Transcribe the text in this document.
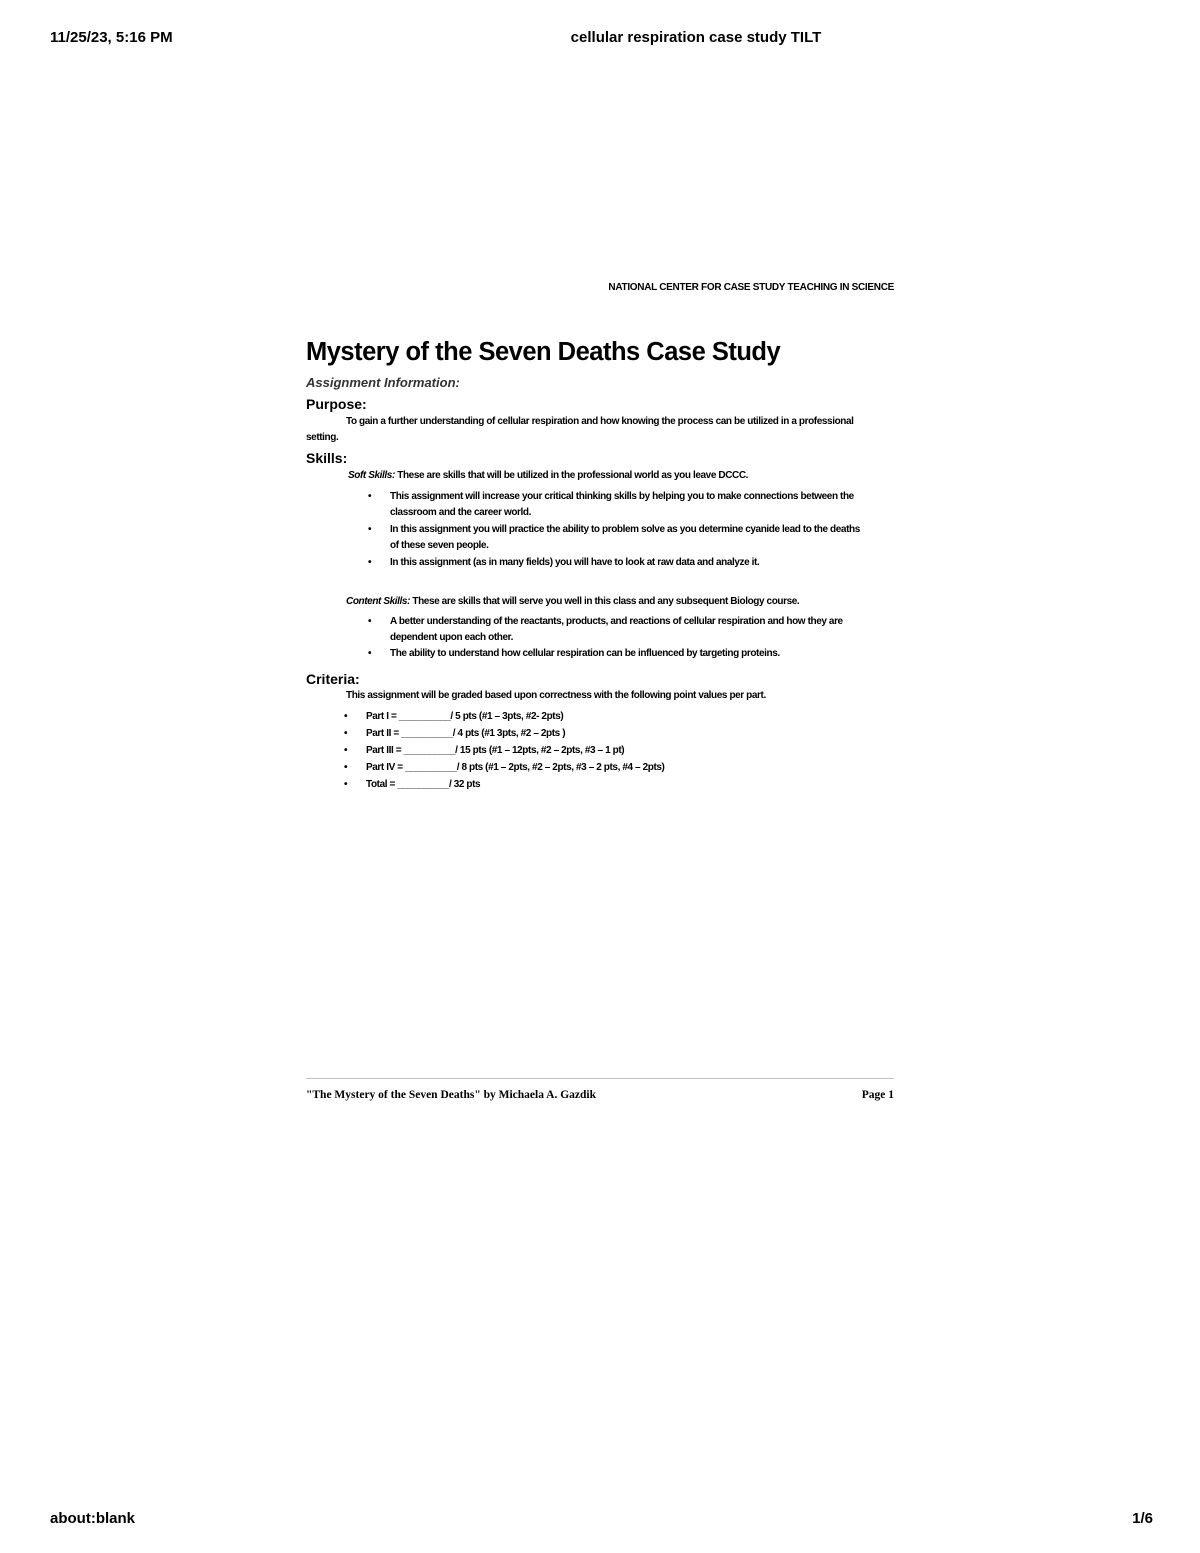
11/25/23, 5:16 PM	cellular respiration case study TILT
NATIONAL CENTER FOR CASE STUDY TEACHING IN SCIENCE
Mystery of the Seven Deaths Case Study
Assignment Information:
Purpose:
To gain a further understanding of cellular respiration and how knowing the process can be utilized in a professional setting.
Skills:
Soft Skills: These are skills that will be utilized in the professional world as you leave DCCC.
Content Skills: These are skills that will serve you well in this class and any subsequent Biology course.
Criteria:
This assignment will be graded based upon correctness with the following point values per part.
• This assignment will increase your critical thinking skills by helping you to make connections between the classroom and the career world.
• In this assignment you will practice the ability to problem solve as you determine cyanide lead to the deaths of these seven people.
• In this assignment (as in many fields) you will have to look at raw data and analyze it.
• A better understanding of the reactants, products, and reactions of cellular respiration and how they are dependent upon each other.
• The ability to understand how cellular respiration can be influenced by targeting proteins.
• Part I = __________/ 5 pts (#1 – 3pts, #2- 2pts)
• Part II = __________/ 4 pts (#1 3pts, #2 – 2pts )
• Part III = __________/ 15 pts (#1 – 12pts, #2 – 2pts, #3 – 1 pt)
• Part IV = __________/ 8 pts (#1 – 2pts, #2 – 2pts, #3 – 2 pts, #4 – 2pts)
• Total = __________/ 32 pts
"The Mystery of the Seven Deaths" by Michaela A. Gazdik	Page 1
about:blank	1/6
